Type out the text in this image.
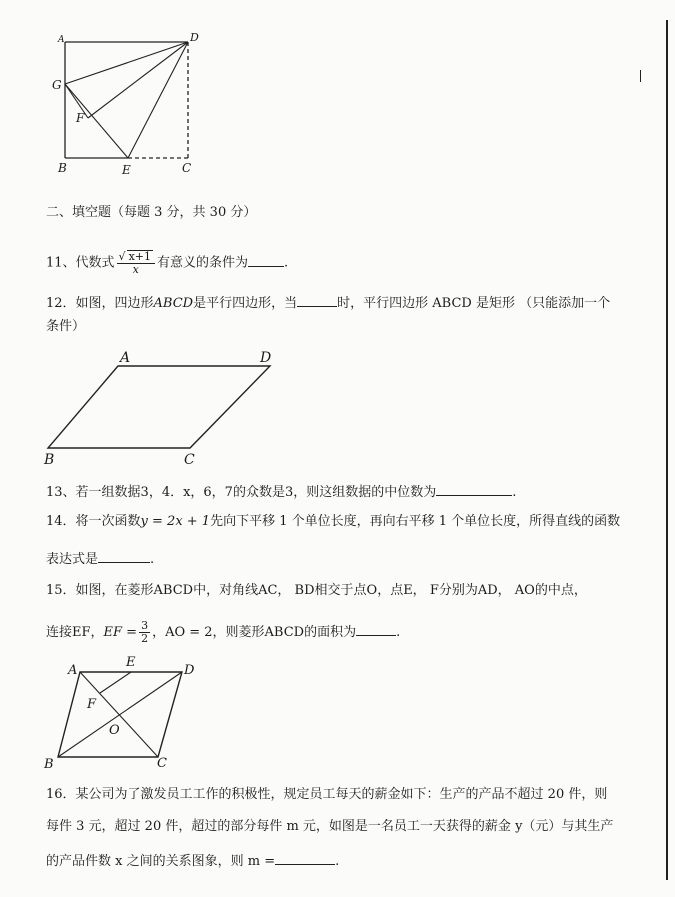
A	D
G
F
B	E	C
二、填空题（每题 3 分，共 30 分）
11、代数式 $\frac{√ x+1}{x}$ 有意义的条件为	.
12．如图，四边形ABCD是平行四边形，当	时，平行四边形 ABCD 是矩形 （只能添加一个
条件）
A	D
B	C
13、若一组数据3，4．x，6，7的众数是3，则这组数据的中位数为	.
14．将一次函数y = 2x + 1先向下平移 1 个单位长度，再向右平移 1 个单位长度，所得直线的函数
表达式是	.
15．如图，在菱形ABCD中，对角线AC， BD相交于点O，点E， F分别为AD， AO的中点，
连接EF，EF = $\frac{3}{2}$ ，AO = 2，则菱形ABCD的面积为	.
A
E
D
F
O
B	C
16．某公司为了激发员工工作的积极性，规定员工每天的薪金如下：生产的产品不超过 20 件，则
每件 3 元，超过 20 件，超过的部分每件 m 元，如图是一名员工一天获得的薪金 y（元）与其生产
的产品件数 x 之间的关系图象，则 m =	.
